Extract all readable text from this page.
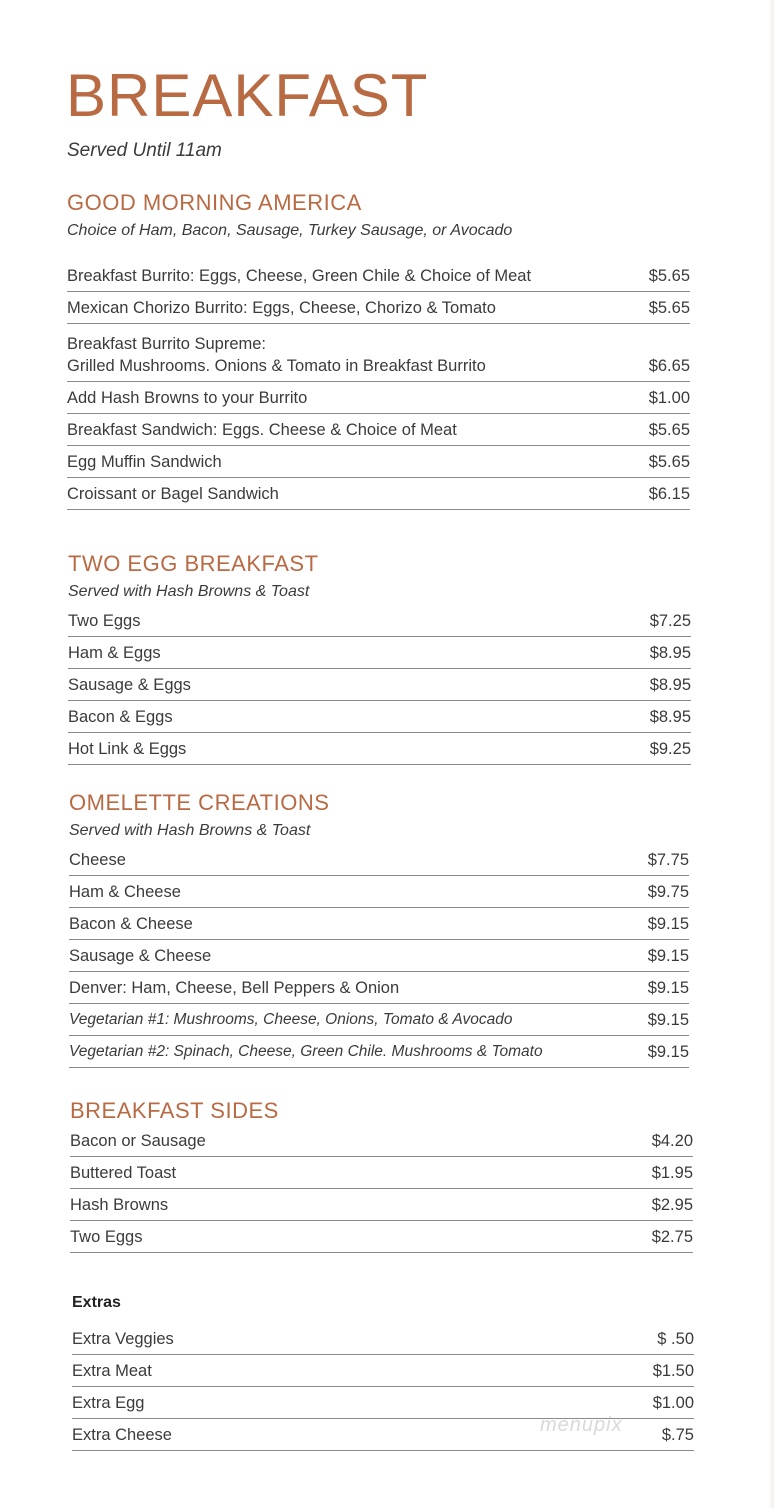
BREAKFAST
Served Until 11am
GOOD MORNING AMERICA
Choice of Ham, Bacon, Sausage, Turkey Sausage, or Avocado
Breakfast Burrito: Eggs, Cheese, Green Chile & Choice of Meat	$5.65
Mexican Chorizo Burrito: Eggs, Cheese, Chorizo & Tomato	$5.65
Breakfast Burrito Supreme:
Grilled Mushrooms. Onions & Tomato in Breakfast Burrito	$6.65
Add Hash Browns to your Burrito	$1.00
Breakfast Sandwich: Eggs. Cheese & Choice of Meat	$5.65
Egg Muffin Sandwich	$5.65
Croissant or Bagel Sandwich	$6.15
TWO EGG BREAKFAST
Served with Hash Browns & Toast
Two Eggs	$7.25
Ham & Eggs	$8.95
Sausage & Eggs	$8.95
Bacon & Eggs	$8.95
Hot Link & Eggs	$9.25
OMELETTE CREATIONS
Served with Hash Browns & Toast
Cheese	$7.75
Ham & Cheese	$9.75
Bacon & Cheese	$9.15
Sausage & Cheese	$9.15
Denver: Ham, Cheese, Bell Peppers & Onion	$9.15
Vegetarian #1: Mushrooms, Cheese, Onions, Tomato & Avocado	$9.15
Vegetarian #2: Spinach, Cheese, Green Chile. Mushrooms & Tomato	$9.15
BREAKFAST SIDES
Bacon or Sausage	$4.20
Buttered Toast	$1.95
Hash Browns	$2.95
Two Eggs	$2.75
Extras
Extra Veggies	$ .50
Extra Meat	$1.50
Extra Egg	$1.00
Extra Cheese	$.75
menupix
